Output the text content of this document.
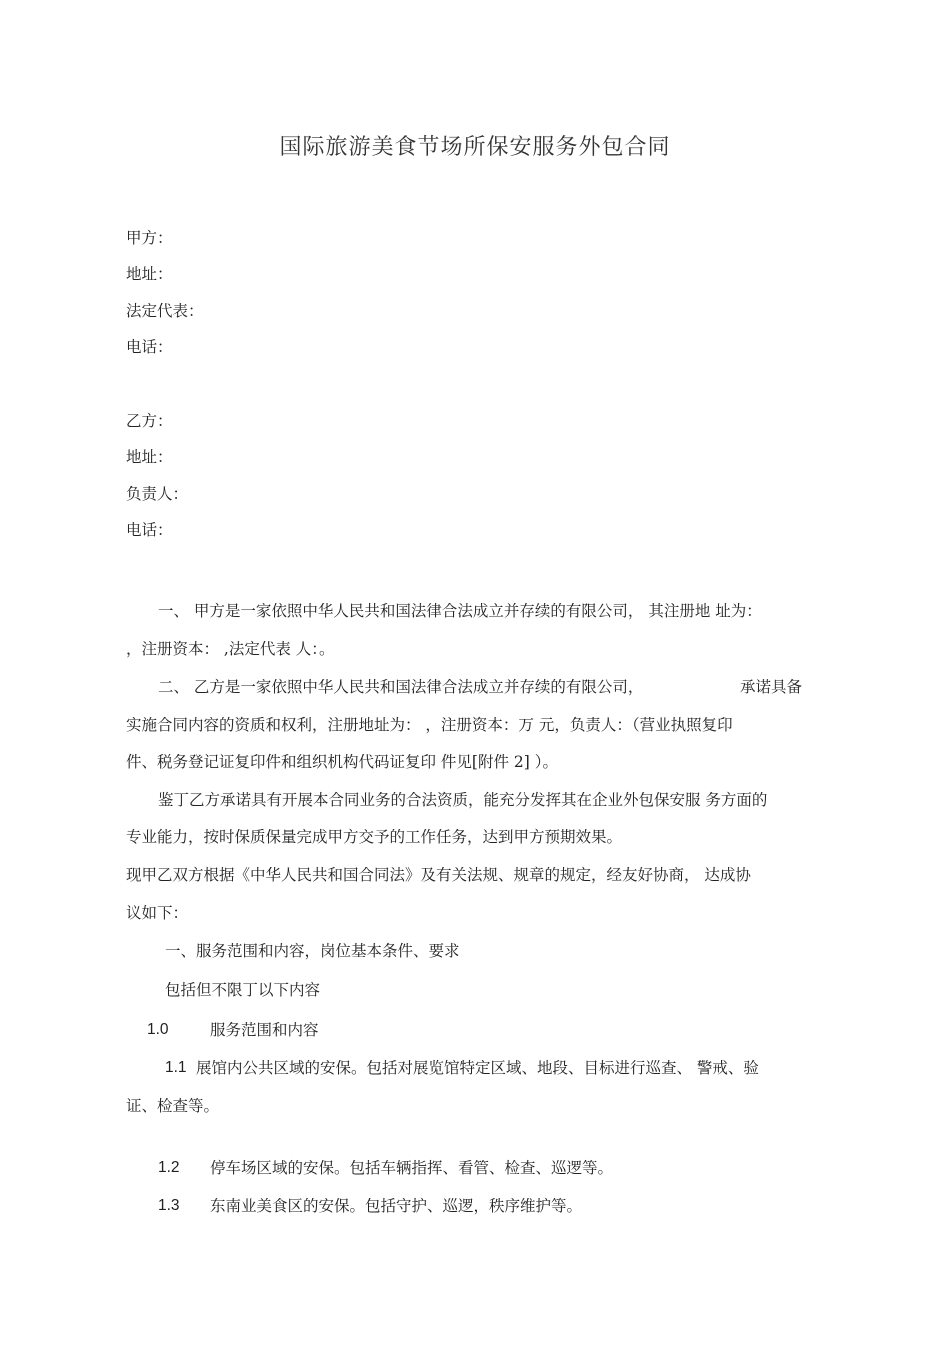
国际旅游美食节场所保安服务外包合同
甲方：
地址：
法定代表：
电话：
乙方：
地址：
负责人：
电话：
一、 甲方是一家依照中华人民共和国法律合法成立并存续的有限公司， 其注册地 址为：
，注册资本： ,法定代表 人：。
二、 乙方是一家依照中华人民共和国法律合法成立并存续的有限公司，	承诺具备
实施合同内容的资质和权利，注册地址为： ，注册资本：万 元，负责人：（营业执照复印
件、税务登记证复印件和组织机构代码证复印 件见[附件 2] ）。
鉴丁乙方承诺具有开展本合同业务的合法资质，能充分发挥其在企业外包保安服 务方面的
专业能力，按时保质保量完成甲方交予的工作任务，达到甲方预期效果。
现甲乙双方根据《中华人民共和国合同法》及有关法规、规章的规定，经友好协商， 达成协
议如下：
一、服务范围和内容，岗位基本条件、要求
包括但不限丁以下内容
1.0	服务范围和内容
1.1 展馆内公共区域的安保。包括对展览馆特定区域、地段、目标进行巡查、 警戒、验
证、检查等。
1.2 停车场区域的安保。包括车辆指挥、看管、检查、巡逻等。
1.3 东南业美食区的安保。包括守护、巡逻，秩序维护等。
